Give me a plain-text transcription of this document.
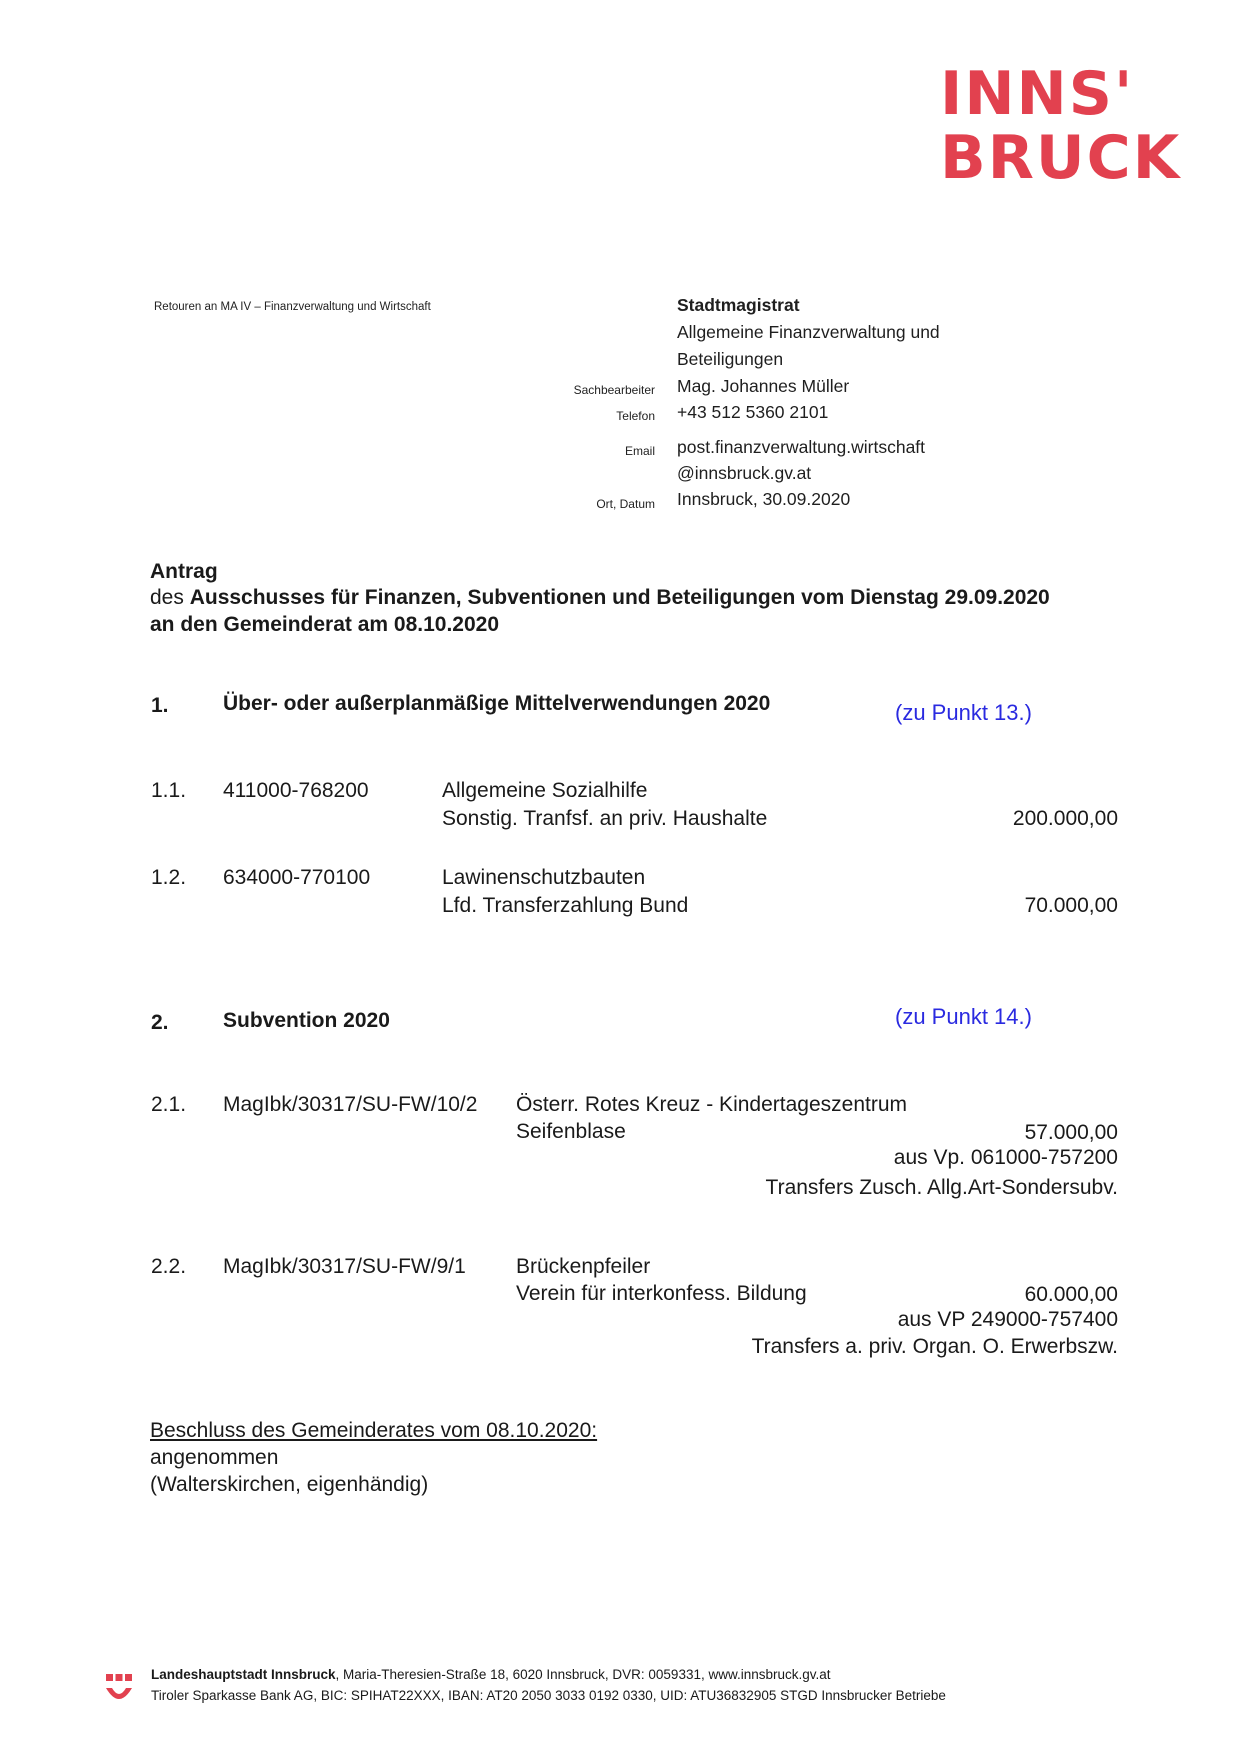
INNS'
BRUCK
Retouren an MA IV – Finanzverwaltung und Wirtschaft	Stadtmagistrat
Allgemeine Finanzverwaltung und
Beteiligungen
Sachbearbeiter Mag. Johannes Müller
Telefon +43 512 5360 2101
Email post.finanzverwaltung.wirtschaft
@innsbruck.gv.at
Ort, Datum Innsbruck, 30.09.2020
Antrag
des Ausschusses für Finanzen, Subventionen und Beteiligungen vom Dienstag 29.09.2020
an den Gemeinderat am 08.10.2020
1.	Über- oder außerplanmäßige Mittelverwendungen 2020	(zu Punkt 13.)
1.1. 411000-768200	Allgemeine Sozialhilfe
Sonstig. Tranfsf. an priv. Haushalte	200.000,00
1.2. 634000-770100	Lawinenschutzbauten
Lfd. Transferzahlung Bund	70.000,00
2.	Subvention 2020	(zu Punkt 14.)
2.1. MagIbk/30317/SU-FW/10/2 Österr. Rotes Kreuz - Kindertageszentrum
Seifenblase	57.000,00
aus Vp. 061000-757200
Transfers Zusch. Allg.Art-Sondersubv.
2.2. MagIbk/30317/SU-FW/9/1 Brückenpfeiler
Verein für interkonfess. Bildung	60.000,00
aus VP 249000-757400
Transfers a. priv. Organ. O. Erwerbszw.
Beschluss des Gemeinderates vom 08.10.2020:
angenommen
(Walterskirchen, eigenhändig)
Landeshauptstadt Innsbruck, Maria-Theresien-Straße 18, 6020 Innsbruck, DVR: 0059331, www.innsbruck.gv.at
Tiroler Sparkasse Bank AG, BIC: SPIHAT22XXX, IBAN: AT20 2050 3033 0192 0330, UID: ATU36832905 STGD Innsbrucker Betriebe
